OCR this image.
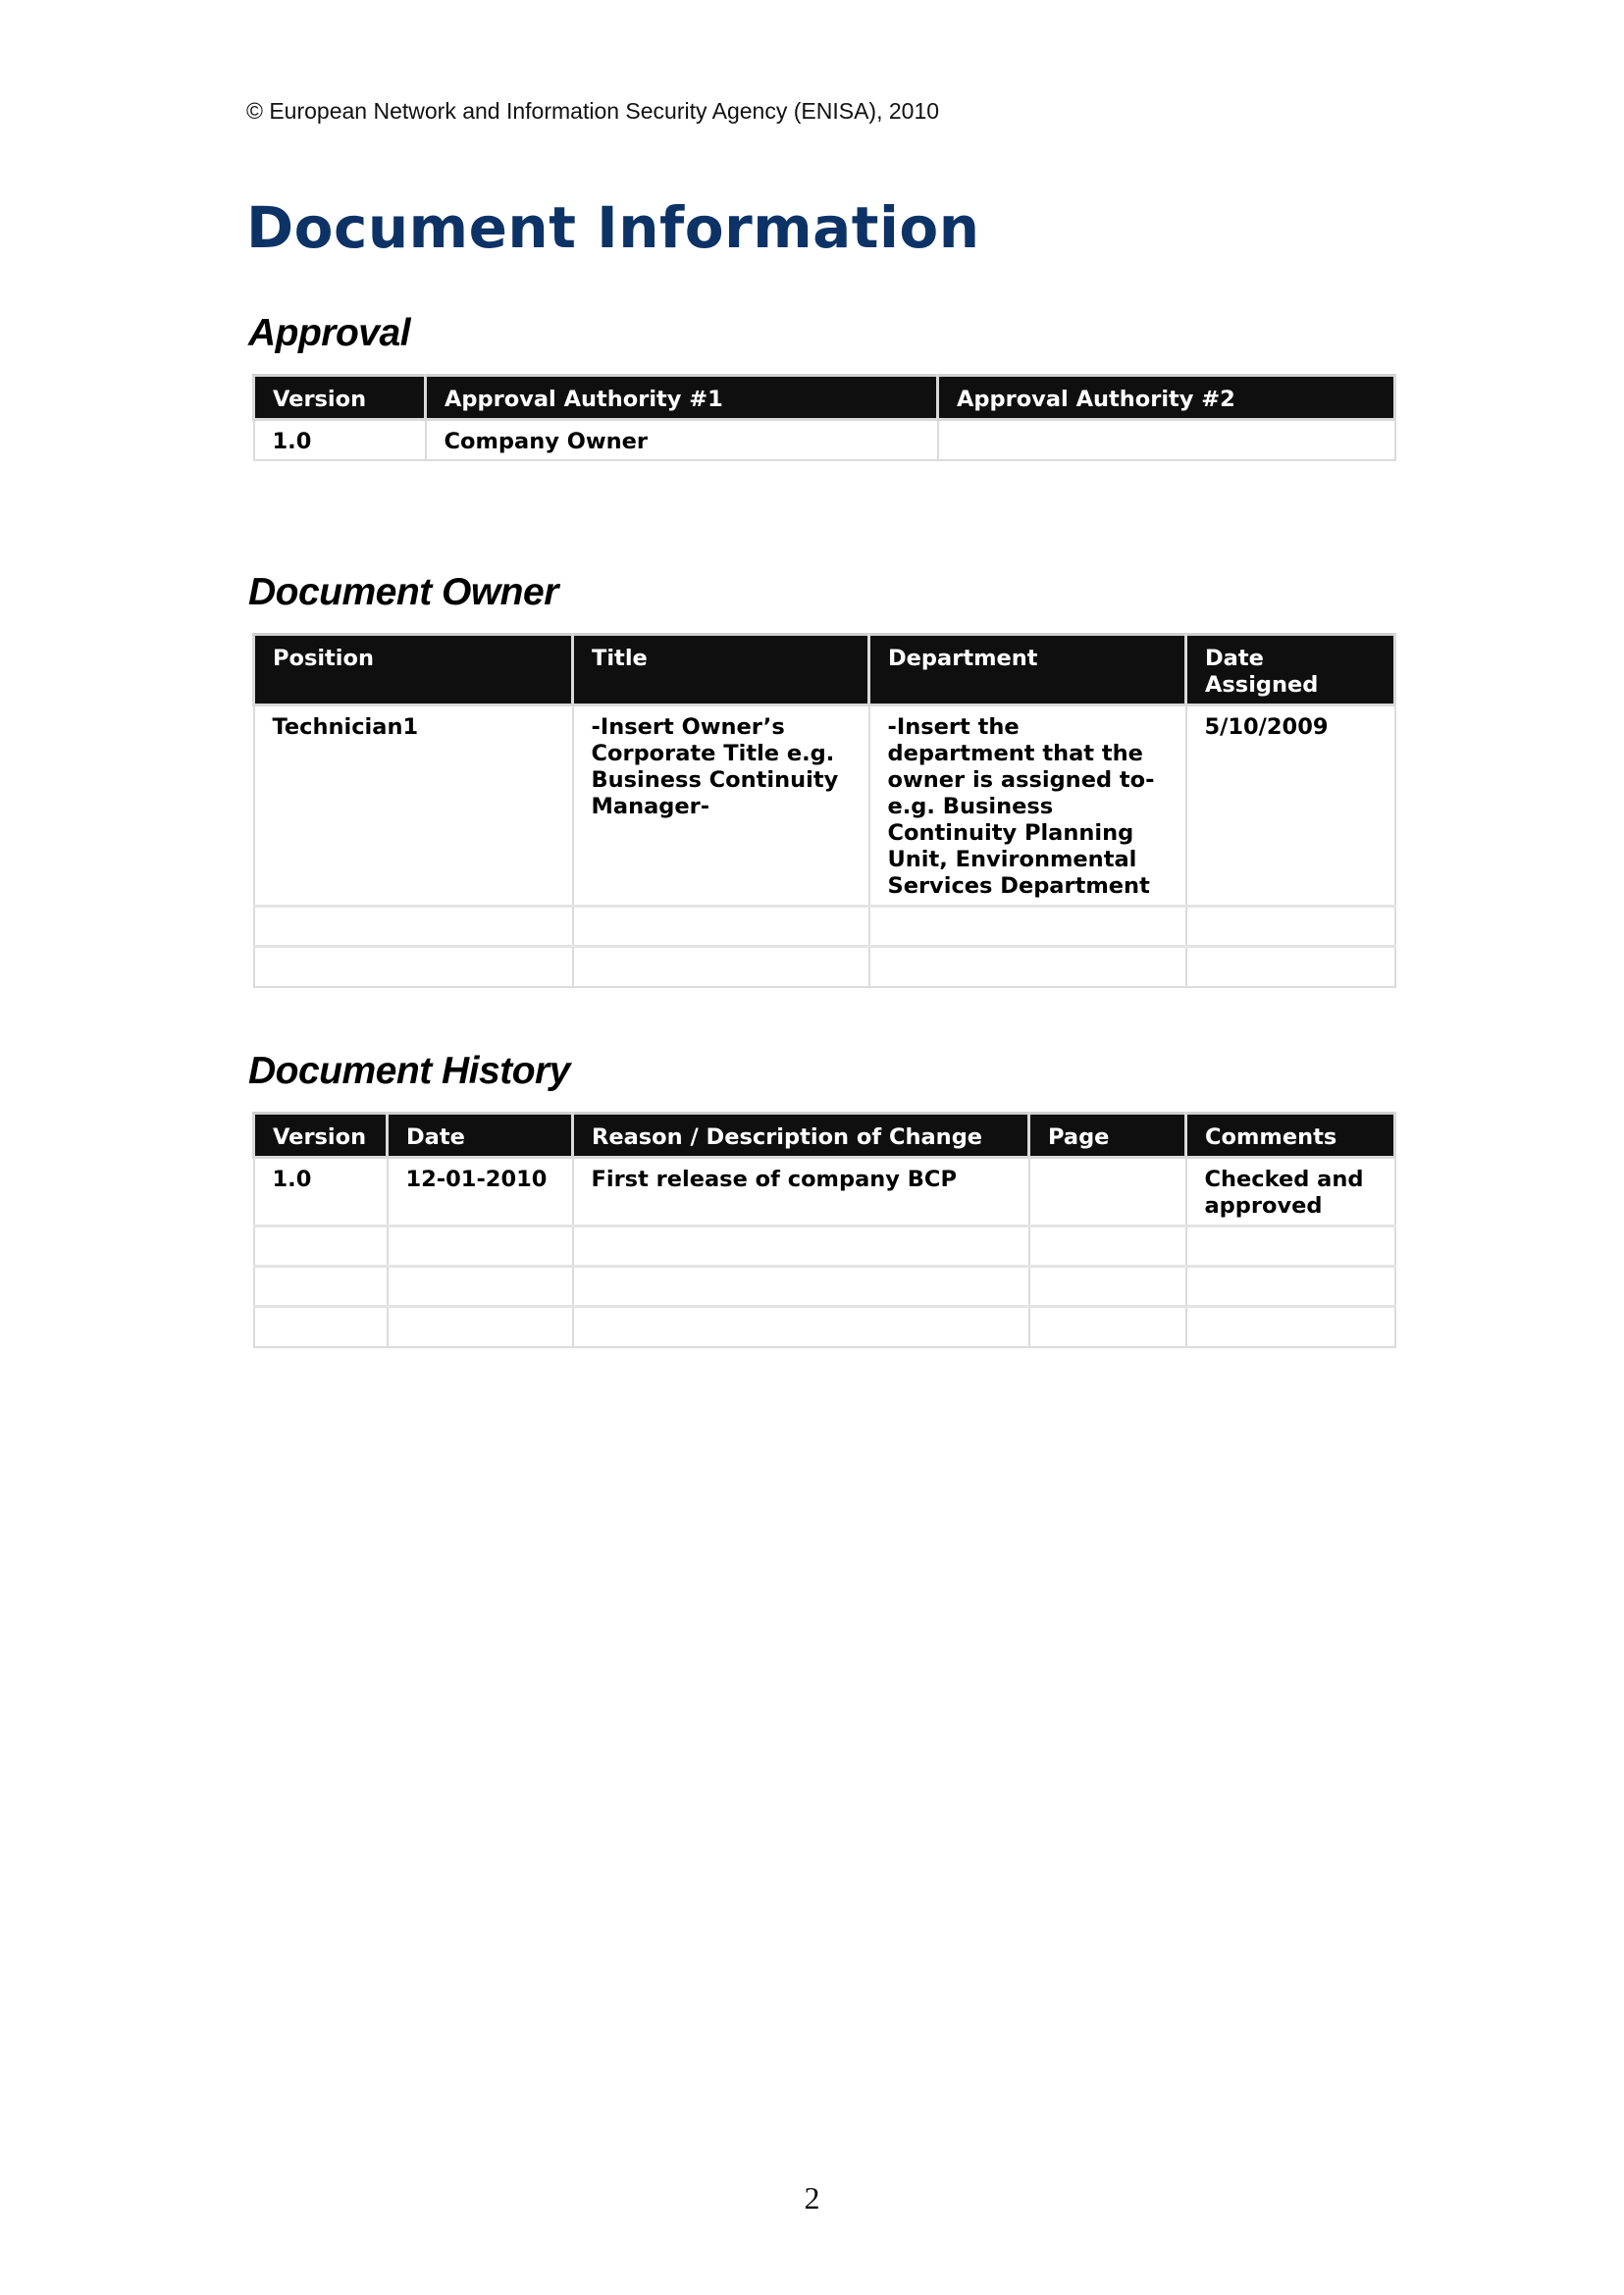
© European Network and Information Security Agency (ENISA), 2010
Document Information
Approval
Version	Approval Authority #1	Approval Authority #2
1.0	Company Owner	
Document Owner
Position	Title	Department	Date Assigned
Technician1	-Insert Owner’s Corporate Title e.g. Business Continuity Manager-	-Insert the department that the owner is assigned to- e.g. Business Continuity Planning Unit, Environmental Services Department	5/10/2009

Document History
Version	Date	Reason / Description of Change	Page	Comments
1.0	12-01-2010	First release of company BCP		Checked and approved

2
